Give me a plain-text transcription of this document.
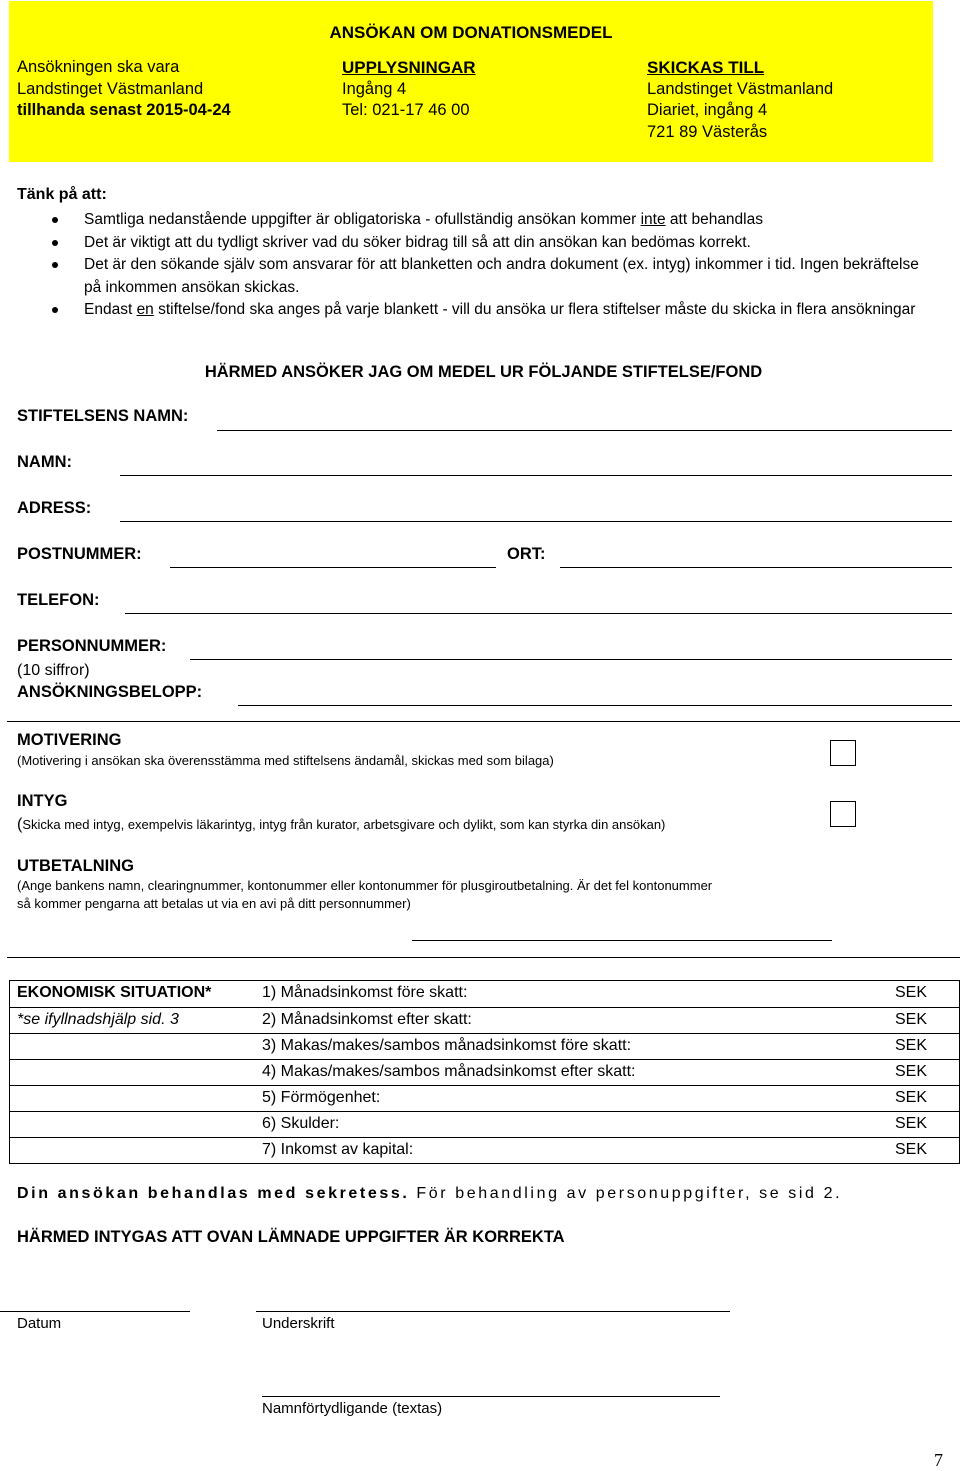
ANSÖKAN OM DONATIONSMEDEL
Ansökningen ska vara
Landstinget Västmanland
tillhanda senast 2015-04-24
UPPLYSNINGAR
Ingång 4
Tel: 021-17 46 00
SKICKAS TILL
Landstinget Västmanland
Diariet, ingång 4
721 89 Västerås
Tänk på att:
Samtliga nedanstående uppgifter är obligatoriska - ofullständig ansökan kommer inte att behandlas
Det är viktigt att du tydligt skriver vad du söker bidrag till så att din ansökan kan bedömas korrekt.
Det är den sökande själv som ansvarar för att blanketten och andra dokument (ex. intyg) inkommer i tid. Ingen bekräftelse på inkommen ansökan skickas.
Endast en stiftelse/fond ska anges på varje blankett - vill du ansöka ur flera stiftelser måste du skicka in flera ansökningar
HÄRMED ANSÖKER JAG OM MEDEL UR FÖLJANDE STIFTELSE/FOND
STIFTELSENS NAMN:
NAMN:
ADRESS:
POSTNUMMER:	ORT:
TELEFON:
PERSONNUMMER:
(10 siffror)
ANSÖKNINGSBELOPP:
MOTIVERING
(Motivering i ansökan ska överensstämma med stiftelsens ändamål, skickas med som bilaga)
INTYG
(Skicka med intyg, exempelvis läkarintyg, intyg från kurator, arbetsgivare och dylikt, som kan styrka din ansökan)
UTBETALNING
(Ange bankens namn, clearingnummer, kontonummer eller kontonummer för plusgiroutbetalning. Är det fel kontonummer
så kommer pengarna att betalas ut via en avi på ditt personnummer)
EKONOMISK SITUATION*	1) Månadsinkomst före skatt:	SEK
*se ifyllnadshjälp sid. 3	2) Månadsinkomst efter skatt:	SEK
3) Makas/makes/sambos månadsinkomst före skatt:	SEK
4) Makas/makes/sambos månadsinkomst efter skatt:	SEK
5) Förmögenhet:	SEK
6) Skulder:	SEK
7) Inkomst av kapital:	SEK
Din ansökan behandlas med sekretess. För behandling av personuppgifter, se sid 2.
HÄRMED INTYGAS ATT OVAN LÄMNADE UPPGIFTER ÄR KORREKTA
Datum	Underskrift
Namnförtydligande (textas)
7
